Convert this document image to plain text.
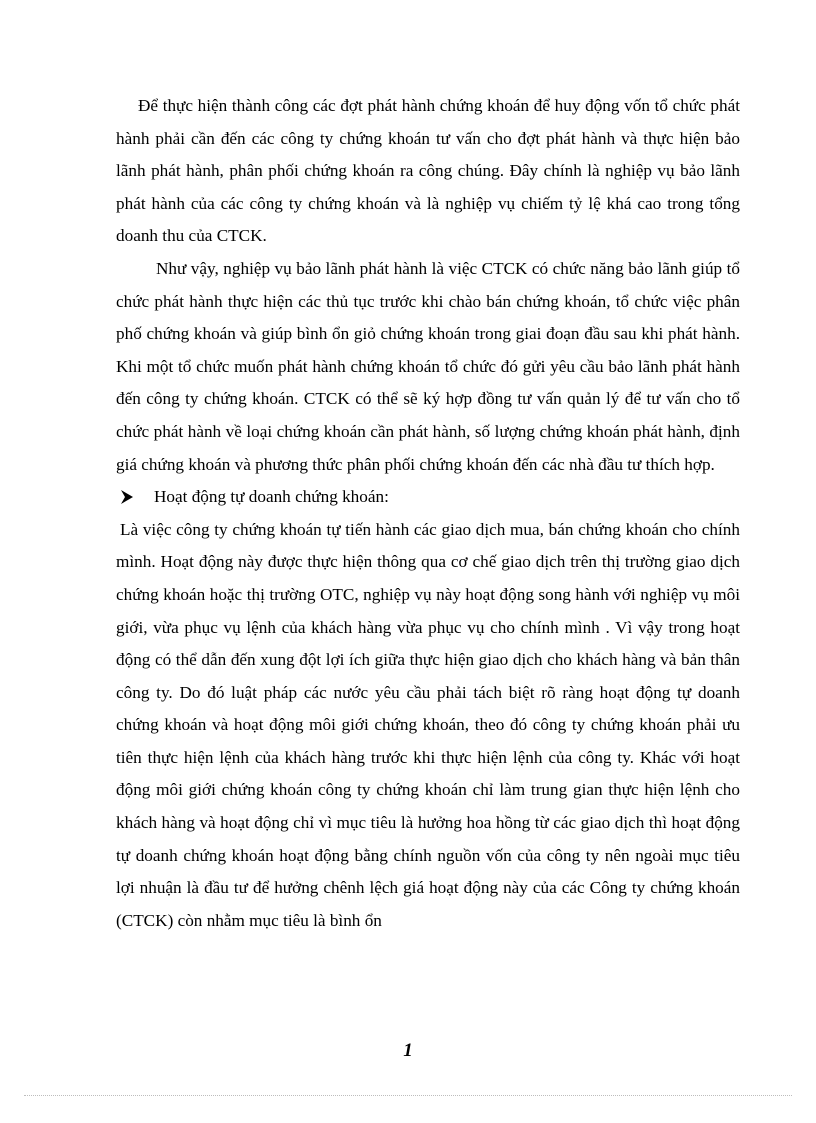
Để thực hiện thành công các đợt phát hành chứng khoán để huy động vốn tổ chức phát hành phải cần đến các công ty chứng khoán tư vấn cho đợt phát hành và thực hiện bảo lãnh phát hành, phân phối chứng khoán ra công chúng. Đây chính là nghiệp vụ bảo lãnh phát hành của các công ty chứng khoán và là nghiệp vụ chiếm tỷ lệ khá cao trong tổng doanh thu của CTCK.

Như vậy, nghiệp vụ bảo lãnh phát hành là việc CTCK có chức năng bảo lãnh giúp tổ chức phát hành thực hiện các thủ tục trước khi chào bán chứng khoán, tổ chức việc phân phố chứng khoán và giúp bình ổn giỏ chứng khoán trong giai đoạn đầu sau khi phát hành. Khi một tổ chức muốn phát hành chứng khoán tổ chức đó gửi yêu cầu bảo lãnh phát hành đến công ty chứng khoán. CTCK có thể sẽ ký hợp đồng tư vấn quản lý để tư vấn cho tổ chức phát hành về loại chứng khoán cần phát hành, số lượng chứng khoán phát hành, định giá chứng khoán và phương thức phân phối chứng khoán đến các nhà đầu tư thích hợp.

Hoạt động tự doanh chứng khoán:

Là việc công ty chứng khoán tự tiến hành các giao dịch mua, bán chứng khoán cho chính mình. Hoạt động này được thực hiện thông qua cơ chế giao dịch trên thị trường giao dịch chứng khoán hoặc thị trường OTC, nghiệp vụ này hoạt động song hành với nghiệp vụ môi giới, vừa phục vụ lệnh của khách hàng vừa phục vụ cho chính mình . Vì vậy trong hoạt động có thể dẫn đến xung đột lợi ích giữa thực hiện giao dịch cho khách hàng và bản thân công ty. Do đó luật pháp các nước yêu cầu phải tách biệt rõ ràng hoạt động tự doanh chứng khoán và hoạt động môi giới chứng khoán, theo đó công ty chứng khoán phải ưu tiên thực hiện lệnh của khách hàng trước khi thực hiện lệnh của công ty. Khác với hoạt động môi giới chứng khoán công ty chứng khoán chỉ làm trung gian thực hiện lệnh cho khách hàng và hoạt động chỉ vì mục tiêu là hưởng hoa hồng từ các giao dịch thì hoạt động tự doanh chứng khoán hoạt động bằng chính nguồn vốn của công ty nên ngoài mục tiêu lợi nhuận là đầu tư để hưởng chênh lệch giá hoạt động này của các Công ty chứng khoán (CTCK) còn nhằm mục tiêu là bình ổn

1
